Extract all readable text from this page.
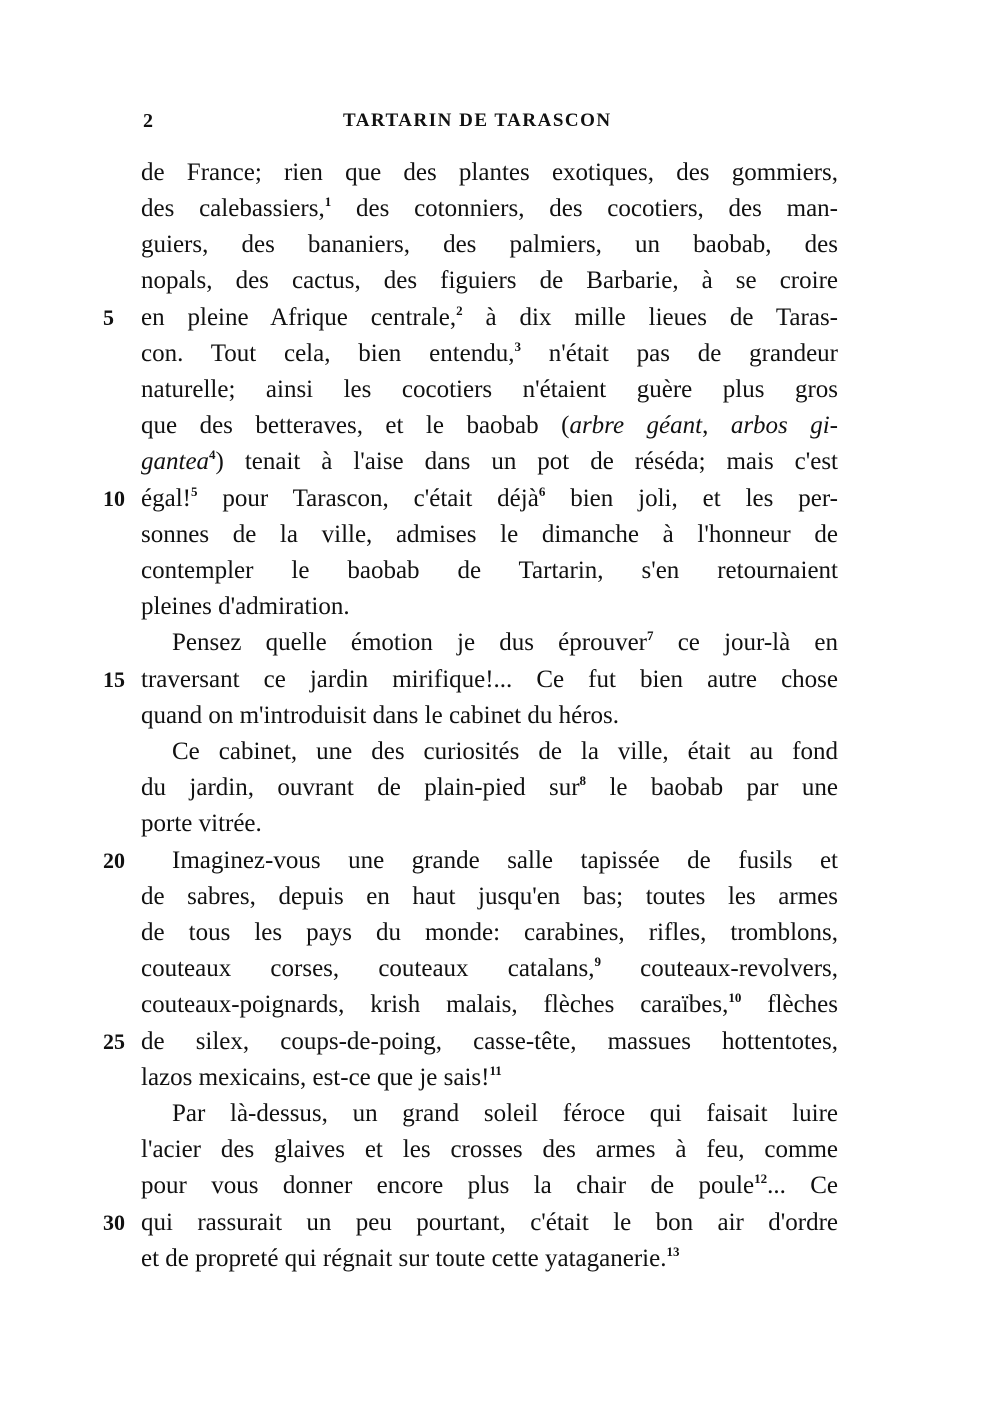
2	TARTARIN DE TARASCON
5
10
15
20
25
30
de France; rien que des plantes exotiques, des gommiers,
des calebassiers,$^1$ des cotonniers, des cocotiers, des man-
guiers, des bananiers, des palmiers, un baobab, des
nopals, des cactus, des figuiers de Barbarie, à se croire
en pleine Afrique centrale,$^2$ à dix mille lieues de Taras-
con. Tout cela, bien entendu,$^3$ n'était pas de grandeur
naturelle; ainsi les cocotiers n'étaient guère plus gros
que des betteraves, et le baobab (arbre géant, arbos gi-
gantea$^4$) tenait à l'aise dans un pot de réséda; mais c'est
égal!$^5$ pour Tarascon, c'était déjà$^6$ bien joli, et les per-
sonnes de la ville, admises le dimanche à l'honneur de
contempler le baobab de Tartarin, s'en retournaient
pleines d'admiration.
Pensez quelle émotion je dus éprouver$^7$ ce jour-là en
traversant ce jardin mirifique!... Ce fut bien autre chose
quand on m'introduisit dans le cabinet du héros.
Ce cabinet, une des curiosités de la ville, était au fond
du jardin, ouvrant de plain-pied sur$^8$ le baobab par une
porte vitrée.
Imaginez-vous une grande salle tapissée de fusils et
de sabres, depuis en haut jusqu'en bas; toutes les armes
de tous les pays du monde: carabines, rifles, tromblons,
couteaux corses, couteaux catalans,$^9$ couteaux-revolvers,
couteaux-poignards, krish malais, flèches caraïbes,$^{10}$ flèches
de silex, coups-de-poing, casse-tête, massues hottentotes,
lazos mexicains, est-ce que je sais!$^{11}$
Par là-dessus, un grand soleil féroce qui faisait luire
l'acier des glaives et les crosses des armes à feu, comme
pour vous donner encore plus la chair de poule$^{12}$... Ce
qui rassurait un peu pourtant, c'était le bon air d'ordre
et de propreté qui régnait sur toute cette yataganerie.$^{13}$
